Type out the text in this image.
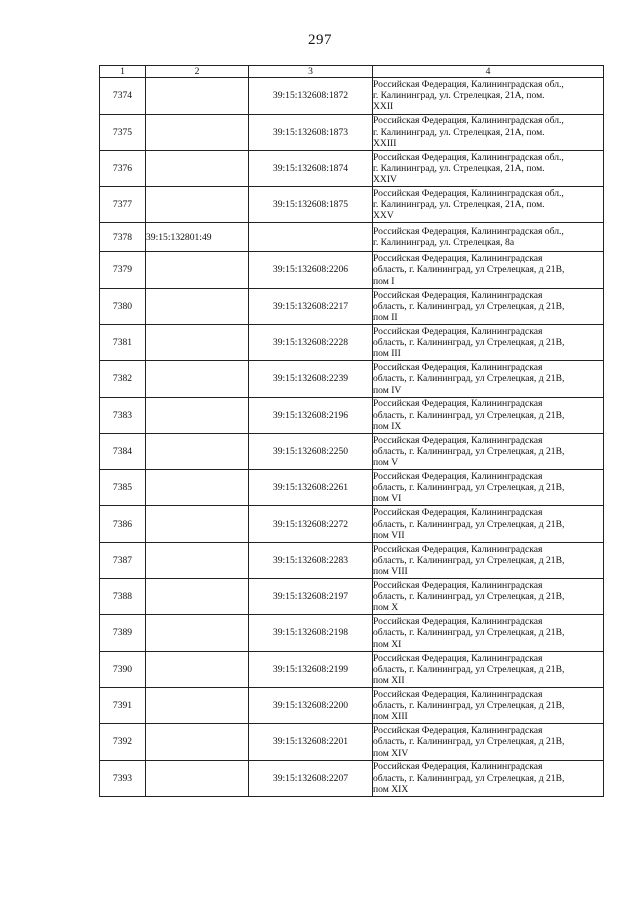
297
1	2	3	4
7374		39:15:132608:1872	Российская Федерация, Калининградская обл.,
г. Калининград, ул. Стрелецкая, 21А, пом.
XXII

7375		39:15:132608:1873	Российская Федерация, Калининградская обл.,
г. Калининград, ул. Стрелецкая, 21А, пом.
XXIII

7376		39:15:132608:1874	Российская Федерация, Калининградская обл.,
г. Калининград, ул. Стрелецкая, 21А, пом.
XXIV

7377		39:15:132608:1875	Российская Федерация, Калининградская обл.,
г. Калининград, ул. Стрелецкая, 21А, пом.
XXV

7378	39:15:132801:49		Российская Федерация, Калининградская обл.,
г. Калининград, ул. Стрелецкая, 8а

7379		39:15:132608:2206	Российская Федерация, Калининградская
область, г. Калининград, ул Стрелецкая, д 21В,
пом I

7380		39:15:132608:2217	Российская Федерация, Калининградская
область, г. Калининград, ул Стрелецкая, д 21В,
пом II

7381		39:15:132608:2228	Российская Федерация, Калининградская
область, г. Калининград, ул Стрелецкая, д 21В,
пом III

7382		39:15:132608:2239	Российская Федерация, Калининградская
область, г. Калининград, ул Стрелецкая, д 21В,
пом IV

7383		39:15:132608:2196	Российская Федерация, Калининградская
область, г. Калининград, ул Стрелецкая, д 21В,
пом IX

7384		39:15:132608:2250	Российская Федерация, Калининградская
область, г. Калининград, ул Стрелецкая, д 21В,
пом V

7385		39:15:132608:2261	Российская Федерация, Калининградская
область, г. Калининград, ул Стрелецкая, д 21В,
пом VI

7386		39:15:132608:2272	Российская Федерация, Калининградская
область, г. Калининград, ул Стрелецкая, д 21В,
пом VII

7387		39:15:132608:2283	Российская Федерация, Калининградская
область, г. Калининград, ул Стрелецкая, д 21В,
пом VIII

7388		39:15:132608:2197	Российская Федерация, Калининградская
область, г. Калининград, ул Стрелецкая, д 21В,
пом X

7389		39:15:132608:2198	Российская Федерация, Калининградская
область, г. Калининград, ул Стрелецкая, д 21В,
пом XI

7390		39:15:132608:2199	Российская Федерация, Калининградская
область, г. Калининград, ул Стрелецкая, д 21В,
пом XII

7391		39:15:132608:2200	Российская Федерация, Калининградская
область, г. Калининград, ул Стрелецкая, д 21В,
пом XIII

7392		39:15:132608:2201	Российская Федерация, Калининградская
область, г. Калининград, ул Стрелецкая, д 21В,
пом XIV

7393		39:15:132608:2207	Российская Федерация, Калининградская
область, г. Калининград, ул Стрелецкая, д 21В,
пом XIX
